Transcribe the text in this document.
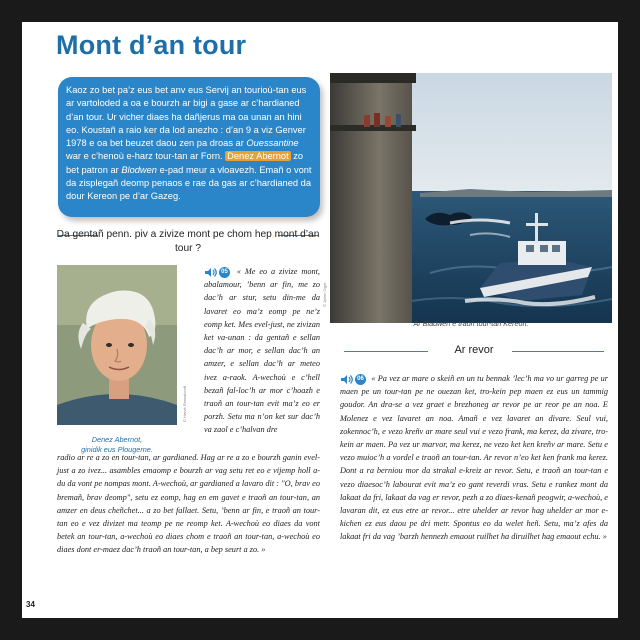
Mont d’an tour
Kaoz zo bet pa’z eus bet anv eus Servij an tourioù-tan eus ar vartoloded a oa e bourzh ar bigi a gase ar c’hardianed d’an tour. Ur vicher diaes ha dañjerus ma oa unan an hini eo. Koustañ a raio ker da lod anezho : d’an 9 a viz Genver 1978 e oa bet beuzet daou zen pa droas ar Ouessantine war e c’henoù e-harz tour-tan ar Forn. Denez Abernot zo bet patron ar Blodwen e-pad meur a vloavezh. Emañ o vont da zisplegañ deomp penaos e rae da gas ar c’hardianed da dour Kereon pe d’ar Gazeg.
© Julien Ogor
Ar Bladwen e traoñ tour-tan Kereon.
Da gentañ penn. piv a zivize mont pe chom hep mont d’an tour ?
© Hervé Ronsabcoff
Denez Abernot,
ginidik eus Plougerne.
05 « Me eo a zivize mont, abalamour, ’benn ar fin, me zo dac’h ar stur, setu din-me da lavaret eo ma’z eomp pe ne’z eomp ket. Mes evel-just, ne zivizan ket va-unan : da gentañ e sellan dac’h ar mor, e sellan dac’h an amzer, e sellan dac’h ar meteo ivez a-raok. A-wechoù e c’hell bezañ fal-loc’h ar mor c’hoazh e traoñ an tour-tan evit ma’z eo er porzh. Setu ma n’on ket sur dac’h va zaol e c’halvan dre
radio ar re a zo en tour-tan, ar gardianed. Hag ar re a zo e bourzh ganin evel-just a zo ivez... asambles emaomp e bourzh ar vag setu ret eo e vijemp holl a-du da vont pe nompas mont. A-wechoù, ar gardianed a lavaro dit : "O, brav eo bremañ, brav deomp", setu ez eomp, hag en em gavet e traoñ an tour-tan, an amzer en deus cheñchet... a zo bet fallaet. Setu, ’benn ar fin, e traoñ an tour-tan eo e vez divizet ma teomp pe ne reomp ket. A-wechoù eo diaes da vont betek an tour-tan, a-wechoù eo diaes chom e traoñ an tour-tan, a-wechoù eo diaes dont er-maez dac’h traoñ an tour-tan, a bep seurt a zo. »
Ar revor
06 « Pa vez ar mare o skeiñ en un tu bennak ’lec’h ma vo ur garreg pe ur maen pe un tour-tan pe ne ouezan ket, tro-kein pep maen ez eus un tammig goudor. An dra-se a vez graet e brezhoneg ar revor pe ar reor pe an noa. E Molenez e vez lavaret an noa. Amañ e vez lavaret an divare. Seul vui, zokennoc’h, e vezo kreñv ar mare seul vui e vezo frank, ma kerez, da zivare, tro-kein ar maen. Pa vez ur marvor, ma kerez, ne vezo ket ken kreñv ar mare. Setu e vezo muioc’h a vordel e traoñ an tour-tan. Ar revor n’eo ket ken frank ma kerez. Dont a ra berniou mor da strakal e-kreiz ar revor. Setu, e traoñ an tour-tan e vezo diaesoc’h labourat evit ma’z eo gant reverdi vras. Setu e rankez mont da lakaat da fri, lakaat da vag er revor, pezh a zo diaes-kenañ peogwir, a-wechoù, e lavaran dit, ez eus etre ar revor... etre uhelder ar revor hag uhelder ar mor e-kichen ez eus daou pe dri metr. Spontus eo da welet heñ. Setu, ma’z afes da lakaat fri da vag ’barzh hennezh emaout ruilhet ha diruilhet hag emaout echu. »
34
